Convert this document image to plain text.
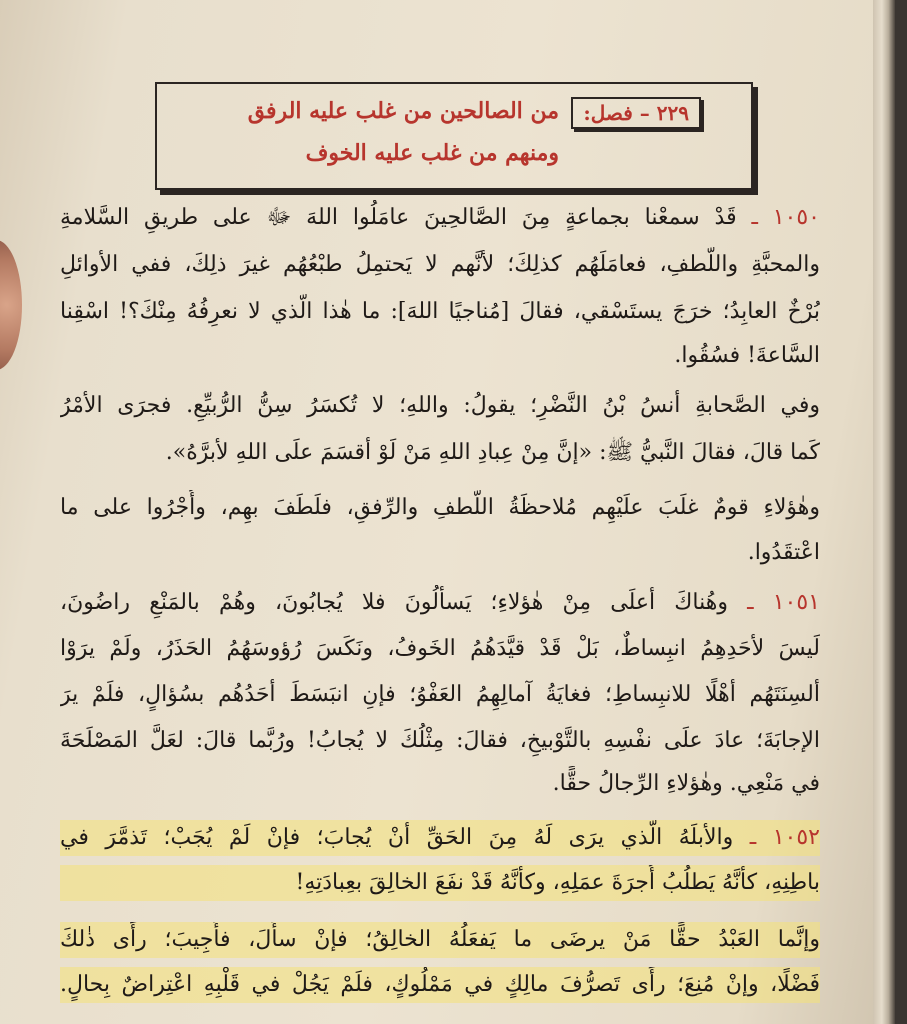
٢٢٩ – فصل:
من الصالحين من غلب عليه الرفق
ومنهم من غلب عليه الخوف
١٠٥٠ ـ قَدْ سمعْنا بجماعةٍ مِنَ الصَّالحِينَ عامَلُوا اللهَ ﷻ على طريقِ السَّلامةِ
والمحبَّةِ واللُّطفِ، فعامَلَهُم كذلِكَ؛ لأنَّهم لا يَحتمِلُ طبْعُهُم غيرَ ذلِكَ، ففي الأوائلِ
بُرْخٌ العابِدُ؛ خرَجَ يستَسْقي، فقالَ [مُناجيًا اللهَ]: ما هٰذا الَّذي لا نعرِفُهُ مِنْكَ؟! اسْقِنا
السَّاعةَ! فسُقُوا.
وفي الصَّحابةِ أنسُ بْنُ النَّضْرِ؛ يقولُ: واللهِ؛ لا تُكسَرُ سِنُّ الرُّبيِّعِ. فجرَى الأمْرُ
كَما قالَ، فقالَ النَّبيُّ ﷺ: «إنَّ مِنْ عِبادِ اللهِ مَنْ لَوْ أقسَمَ علَى اللهِ لأبرَّهُ».
وهٰؤلاءِ قومٌ غلَبَ علَيْهِم مُلاحظَةُ اللُّطفِ والرِّفقِ، فلَطَفَ بهِم، وأُجْرُوا على ما
اعْتقَدُوا.
١٠٥١ ـ وهُناكَ أعلَى مِنْ هٰؤلاءِ؛ يَسألُونَ فلا يُجابُونَ، وهُمْ بالمَنْعِ راضُونَ،
لَيسَ لأحَدِهِمُ انبِساطٌ، بَلْ قَدْ قيَّدَهُمُ الخَوفُ، ونَكَسَ رُؤوسَهُمُ الحَذَرُ، ولَمْ يرَوْا
ألسِنَتَهُم أهْلًا للانبِساطِ؛ فغايَةُ آمالِهِمُ العَفْوُ؛ فإنِ انبَسَطَ أحَدُهُم بسُؤالٍ، فلَمْ يرَ
الإجابَةَ؛ عادَ علَى نفْسِهِ بالتَّوْبيخِ، فقالَ: مِثْلُكَ لا يُجابُ! ورُبَّما قالَ: لعَلَّ المَصْلَحَةَ
في مَنْعِي. وهٰؤلاءِ الرِّجالُ حقًّا.
١٠٥٢ ـ والأبلَهُ الَّذي يرَى لَهُ مِنَ الحَقِّ أنْ يُجابَ؛ فإنْ لَمْ يُجَبْ؛ تَذمَّرَ في
باطِنِهِ، كأنَّهُ يَطلُبُ أُجرَةَ عمَلِهِ، وكأنَّهُ قَدْ نفَعَ الخالِقَ بعِبادَتِهِ!
وإنَّما العَبْدُ حقًّا مَنْ يرضَى ما يَفعَلُهُ الخالِقُ؛ فإنْ سأَلَ، فأُجِيبَ؛ رأَى ذٰلكَ
فَضْلًا، وإنْ مُنِعَ؛ رأَى تَصرُّفَ مالِكٍ في مَمْلُوكٍ، فلَمْ يَجُلْ في قَلْبِهِ اعْتِراضٌ بِحالٍ.
